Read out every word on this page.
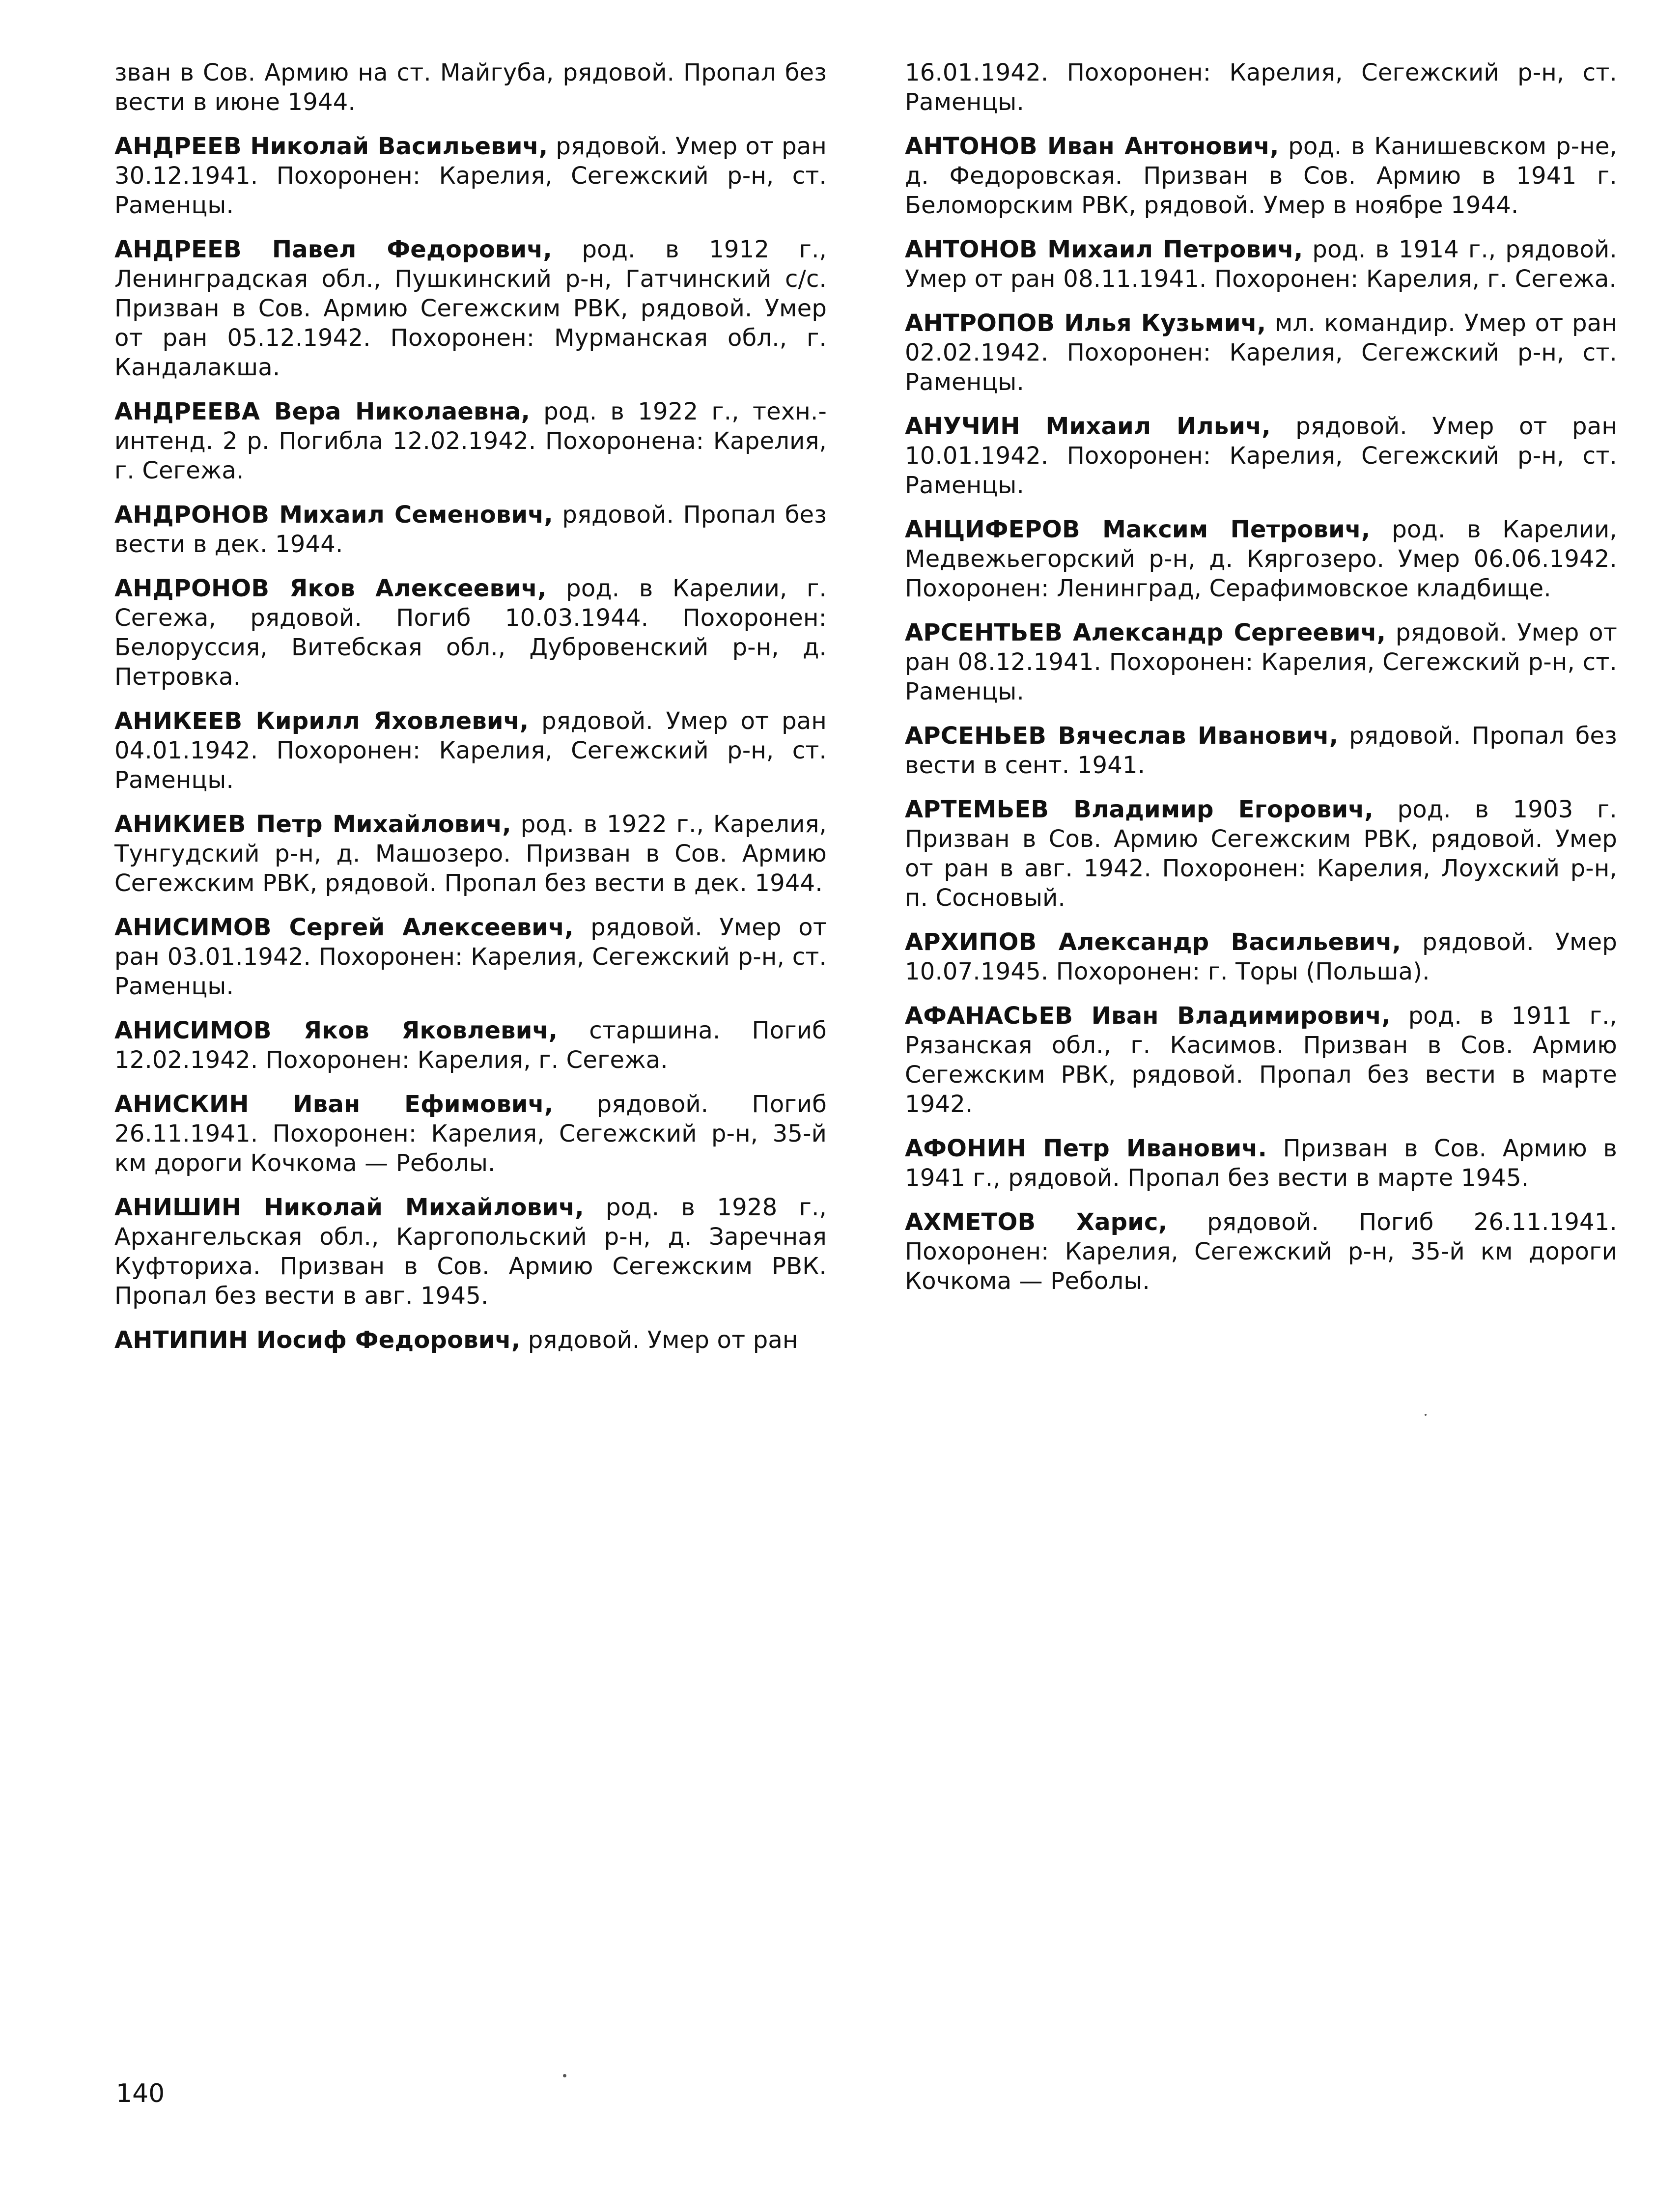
зван в Сов. Армию на ст. Майгуба, рядовой. Пропал без вести в июне 1944.

АНДРЕЕВ Николай Васильевич, рядовой. Умер от ран 30.12.1941. Похоронен: Карелия, Сегежский р-н, ст. Раменцы.

АНДРЕЕВ Павел Федорович, род. в 1912 г., Ленинградская обл., Пушкинский р-н, Гатчинский с/с. Призван в Сов. Армию Сегежским РВК, рядовой. Умер от ран 05.12.1942. Похоронен: Мурманская обл., г. Кандалакша.

АНДРЕЕВА Вера Николаевна, род. в 1922 г., техн.-интенд. 2 р. Погибла 12.02.1942. Похоронена: Карелия, г. Сегежа.

АНДРОНОВ Михаил Семенович, рядовой. Пропал без вести в дек. 1944.

АНДРОНОВ Яков Алексеевич, род. в Карелии, г. Сегежа, рядовой. Погиб 10.03.1944. Похоронен: Белоруссия, Витебская обл., Дубровенский р-н, д. Петровка.

АНИКЕЕВ Кирилл Яховлевич, рядовой. Умер от ран 04.01.1942. Похоронен: Карелия, Сегежский р-н, ст. Раменцы.

АНИКИЕВ Петр Михайлович, род. в 1922 г., Карелия, Тунгудский р-н, д. Машозеро. Призван в Сов. Армию Сегежским РВК, рядовой. Пропал без вести в дек. 1944.

АНИСИМОВ Сергей Алексеевич, рядовой. Умер от ран 03.01.1942. Похоронен: Карелия, Сегежский р-н, ст. Раменцы.

АНИСИМОВ Яков Яковлевич, старшина. Погиб 12.02.1942. Похоронен: Карелия, г. Сегежа.

АНИСКИН Иван Ефимович, рядовой. Погиб 26.11.1941. Похоронен: Карелия, Сегежский р-н, 35-й км дороги Кочкома — Реболы.

АНИШИН Николай Михайлович, род. в 1928 г., Архангельская обл., Каргопольский р-н, д. Заречная Куфториха. Призван в Сов. Армию Сегежским РВК. Пропал без вести в авг. 1945.

АНТИПИН Иосиф Федорович, рядовой. Умер от ран

16.01.1942. Похоронен: Карелия, Сегежский р-н, ст. Раменцы.

АНТОНОВ Иван Антонович, род. в Канишевском р-не, д. Федоровская. Призван в Сов. Армию в 1941 г. Беломорским РВК, рядовой. Умер в ноябре 1944.

АНТОНОВ Михаил Петрович, род. в 1914 г., рядовой. Умер от ран 08.11.1941. Похоронен: Карелия, г. Сегежа.

АНТРОПОВ Илья Кузьмич, мл. командир. Умер от ран 02.02.1942. Похоронен: Карелия, Сегежский р-н, ст. Раменцы.

АНУЧИН Михаил Ильич, рядовой. Умер от ран 10.01.1942. Похоронен: Карелия, Сегежский р-н, ст. Раменцы.

АНЦИФЕРОВ Максим Петрович, род. в Карелии, Медвежьегорский р-н, д. Кяргозеро. Умер 06.06.1942. Похоронен: Ленинград, Серафимовское кладбище.

АРСЕНТЬЕВ Александр Сергеевич, рядовой. Умер от ран 08.12.1941. Похоронен: Карелия, Сегежский р-н, ст. Раменцы.

АРСЕНЬЕВ Вячеслав Иванович, рядовой. Пропал без вести в сент. 1941.

АРТЕМЬЕВ Владимир Егорович, род. в 1903 г. Призван в Сов. Армию Сегежским РВК, рядовой. Умер от ран в авг. 1942. Похоронен: Карелия, Лоухский р-н, п. Сосновый.

АРХИПОВ Александр Васильевич, рядовой. Умер 10.07.1945. Похоронен: г. Торы (Польша).

АФАНАСЬЕВ Иван Владимирович, род. в 1911 г., Рязанская обл., г. Касимов. Призван в Сов. Армию Сегежским РВК, рядовой. Пропал без вести в марте 1942.

АФОНИН Петр Иванович. Призван в Сов. Армию в 1941 г., рядовой. Пропал без вести в марте 1945.

АХМЕТОВ Харис, рядовой. Погиб 26.11.1941. Похоронен: Карелия, Сегежский р-н, 35-й км дороги Кочкома — Реболы.

140
